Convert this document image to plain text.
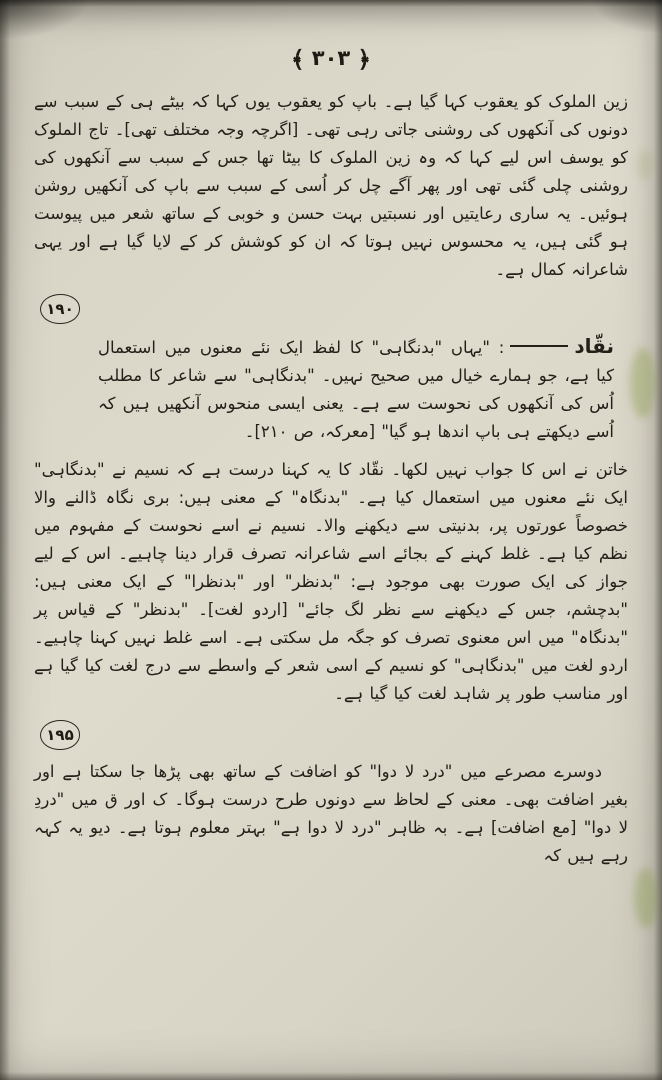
﴿ ۳۰۳ ﴾

زین الملوک کو یعقوب کہا گیا ہے۔ باپ کو یعقوب یوں کہا کہ بیٹے ہی کے سبب سے دونوں کی آنکھوں کی روشنی جاتی رہی تھی۔ [اگرچہ وجہ مختلف تھی]۔ تاج الملوک کو یوسف اس لیے کہا کہ وہ زین الملوک کا بیٹا تھا جس کے سبب سے آنکھوں کی روشنی چلی گئی تھی اور پھر آگے چل کر اُسی کے سبب سے باپ کی آنکھیں روشن ہوئیں۔ یہ ساری رعایتیں اور نسبتیں بہت حسن و خوبی کے ساتھ شعر میں پیوست ہو گئی ہیں، یہ محسوس نہیں ہوتا کہ ان کو کوشش کر کے لایا گیا ہے اور یہی شاعرانہ کمال ہے۔

۱۹۰

نقّاد: "یہاں "بدنگاہی" کا لفظ ایک نئے معنوں میں استعمال کیا ہے، جو ہمارے خیال میں صحیح نہیں۔ "بدنگاہی" سے شاعر کا مطلب اُس کی آنکھوں کی نحوست سے ہے۔ یعنی ایسی منحوس آنکھیں ہیں کہ اُسے دیکھتے ہی باپ اندھا ہو گیا" [معرکہ، ص ۲۱۰]۔

خاتن نے اس کا جواب نہیں لکھا۔ نقّاد کا یہ کہنا درست ہے کہ نسیم نے "بدنگاہی" ایک نئے معنوں میں استعمال کیا ہے۔ "بدنگاہ" کے معنی ہیں: بری نگاہ ڈالنے والا خصوصاً عورتوں پر، بدنیتی سے دیکھنے والا۔ نسیم نے اسے نحوست کے مفہوم میں نظم کیا ہے۔ غلط کہنے کے بجائے اسے شاعرانہ تصرف قرار دینا چاہیے۔ اس کے لیے جواز کی ایک صورت بھی موجود ہے: "بدنظر" اور "بدنظرا" کے ایک معنی ہیں: "بدچشم، جس کے دیکھنے سے نظر لگ جائے" [اردو لغت]۔ "بدنظر" کے قیاس پر "بدنگاہ" میں اس معنوی تصرف کو جگہ مل سکتی ہے۔ اسے غلط نہیں کہنا چاہیے۔ اردو لغت میں "بدنگاہی" کو نسیم کے اسی شعر کے واسطے سے درج لغت کیا گیا ہے اور مناسب طور پر شاہد لغت کیا گیا ہے۔

۱۹۵

دوسرے مصرعے میں "درد لا دوا" کو اضافت کے ساتھ بھی پڑھا جا سکتا ہے اور بغیر اضافت بھی۔ معنی کے لحاظ سے دونوں طرح درست ہوگا۔ ک اور ق میں "دردِ لا دوا" [مع اضافت] ہے۔ بہ ظاہر "درد لا دوا ہے" بہتر معلوم ہوتا ہے۔ دیو یہ کہہ رہے ہیں کہ
